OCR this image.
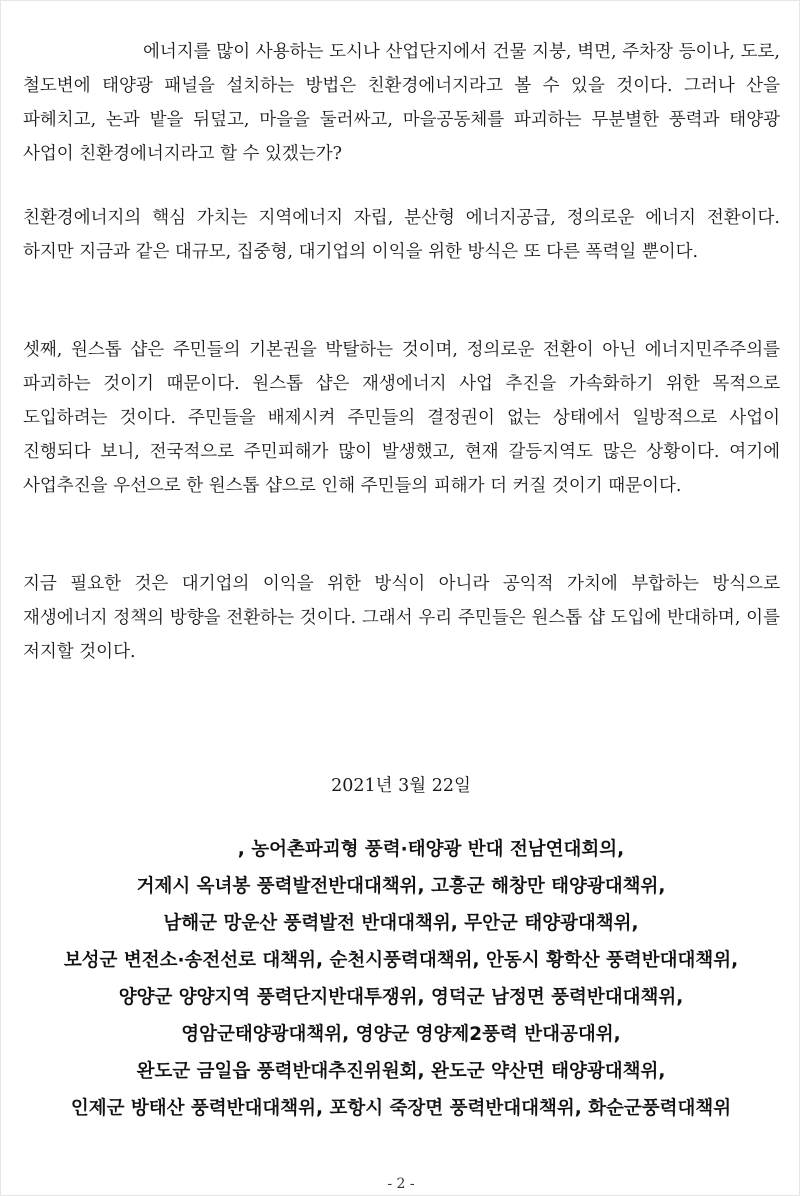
에너지를 많이 사용하는 도시나 산업단지에서 건물 지붕, 벽면, 주차장 등이나, 도로, 철도변에 태양광 패널을 설치하는 방법은 친환경에너지라고 볼 수 있을 것이다. 그러나 산을 파헤치고, 논과 밭을 뒤덮고, 마을을 둘러싸고, 마을공동체를 파괴하는 무분별한 풍력과 태양광 사업이 친환경에너지라고 할 수 있겠는가?

친환경에너지의 핵심 가치는 지역에너지 자립, 분산형 에너지공급, 정의로운 에너지 전환이다. 하지만 지금과 같은 대규모, 집중형, 대기업의 이익을 위한 방식은 또 다른 폭력일 뿐이다.

셋째, 원스톱 샵은 주민들의 기본권을 박탈하는 것이며, 정의로운 전환이 아닌 에너지민주주의를 파괴하는 것이기 때문이다. 원스톱 샵은 재생에너지 사업 추진을 가속화하기 위한 목적으로 도입하려는 것이다. 주민들을 배제시켜 주민들의 결정권이 없는 상태에서 일방적으로 사업이 진행되다 보니, 전국적으로 주민피해가 많이 발생했고, 현재 갈등지역도 많은 상황이다. 여기에 사업추진을 우선으로 한 원스톱 샵으로 인해 주민들의 피해가 더 커질 것이기 때문이다.

지금 필요한 것은 대기업의 이익을 위한 방식이 아니라 공익적 가치에 부합하는 방식으로 재생에너지 정책의 방향을 전환하는 것이다. 그래서 우리 주민들은 원스톱 샵 도입에 반대하며, 이를 저지할 것이다.

2021년 3월 22일

, 농어촌파괴형 풍력·태양광 반대 전남연대회의,
거제시 옥녀봉 풍력발전반대대책위, 고흥군 해창만 태양광대책위,
남해군 망운산 풍력발전 반대대책위, 무안군 태양광대책위,
보성군 변전소·송전선로 대책위, 순천시풍력대책위, 안동시 황학산 풍력반대대책위,
양양군 양양지역 풍력단지반대투쟁위, 영덕군 남정면 풍력반대대책위,
영암군태양광대책위, 영양군 영양제2풍력 반대공대위,
완도군 금일읍 풍력반대추진위원회, 완도군 약산면 태양광대책위,
인제군 방태산 풍력반대대책위, 포항시 죽장면 풍력반대대책위, 화순군풍력대책위

- 2 -
